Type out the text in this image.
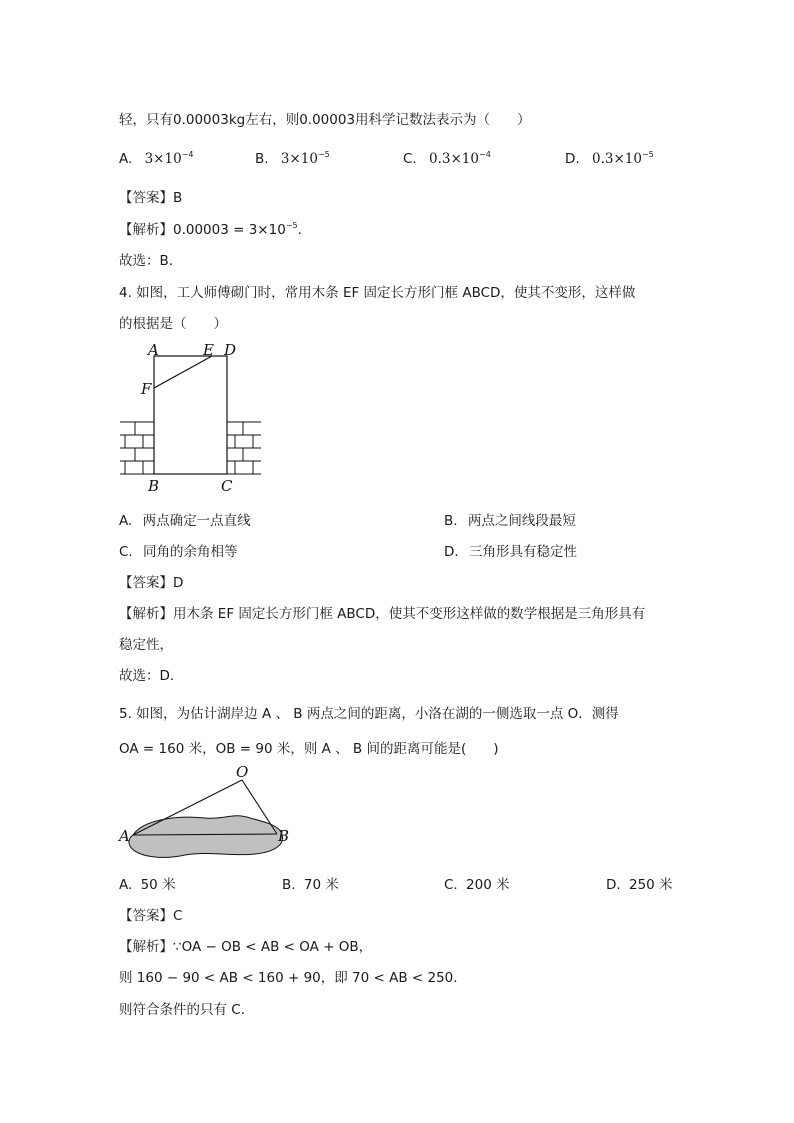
轻，只有0.00003kg左右，则0.00003用科学记数法表示为（　　）
A. $3\times 10^{-4}$	B. $3\times 10^{-5}$	C. $0.3\times 10^{-4}$	D. $0.3\times 10^{-5}$
【答案】B
【解析】$0.00003 = 3\times 10^{-5}$.
故选：B．
4. 如图，工人师傅砌门时，常用木条 EF 固定长方形门框 ABCD，使其不变形，这样做
的根据是（　　）
A	E D
F
B	C
A. 两点确定一点直线	B. 两点之间线段最短
C. 同角的余角相等	D. 三角形具有稳定性
【答案】D
【解析】用木条 EF 固定长方形门框 ABCD，使其不变形这样做的数学根据是三角形具有
稳定性，
故选：D．
5. 如图，为估计湖岸边 A 、 B 两点之间的距离，小洛在湖的一侧选取一点 O．测得
OA = 160 米，OB = 90 米，则 A 、 B 间的距离可能是(　　)
O
A	B
A. 50 米	B. 70 米	C. 200 米	D. 250 米
【答案】C
【解析】∵OA − OB < AB < OA + OB，
则 160 − 90 < AB < 160 + 90，即 70 < AB < 250．
则符合条件的只有 C．
